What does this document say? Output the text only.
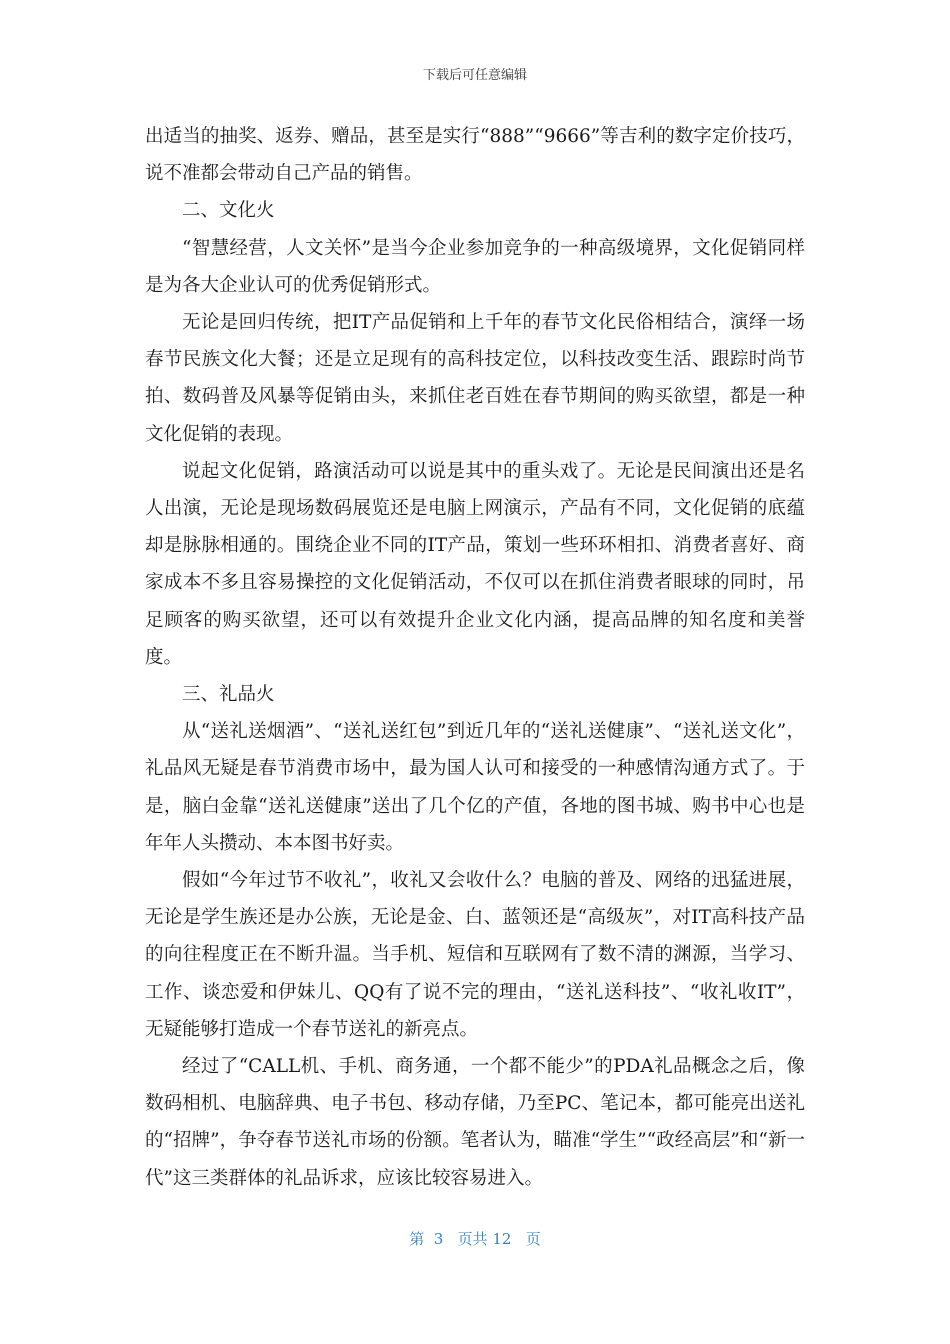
下载后可任意编辑

出适当的抽奖、返券、赠品，甚至是实行“888”“9666”等吉利的数字定价技巧，说不准都会带动自己产品的销售。

二、文化火

“智慧经营，人文关怀”是当今企业参加竞争的一种高级境界，文化促销同样是为各大企业认可的优秀促销形式。

无论是回归传统，把IT产品促销和上千年的春节文化民俗相结合，演绎一场春节民族文化大餐；还是立足现有的高科技定位，以科技改变生活、跟踪时尚节拍、数码普及风暴等促销由头，来抓住老百姓在春节期间的购买欲望，都是一种文化促销的表现。

说起文化促销，路演活动可以说是其中的重头戏了。无论是民间演出还是名人出演，无论是现场数码展览还是电脑上网演示，产品有不同，文化促销的底蕴却是脉脉相通的。围绕企业不同的IT产品，策划一些环环相扣、消费者喜好、商家成本不多且容易操控的文化促销活动，不仅可以在抓住消费者眼球的同时，吊足顾客的购买欲望，还可以有效提升企业文化内涵，提高品牌的知名度和美誉度。

三、礼品火

从“送礼送烟酒”、“送礼送红包”到近几年的“送礼送健康”、“送礼送文化”，礼品风无疑是春节消费市场中，最为国人认可和接受的一种感情沟通方式了。于是，脑白金靠“送礼送健康”送出了几个亿的产值，各地的图书城、购书中心也是年年人头攒动、本本图书好卖。

假如“今年过节不收礼”，收礼又会收什么？电脑的普及、网络的迅猛进展，无论是学生族还是办公族，无论是金、白、蓝领还是“高级灰”，对IT高科技产品的向往程度正在不断升温。当手机、短信和互联网有了数不清的渊源，当学习、工作、谈恋爱和伊妹儿、QQ有了说不完的理由，“送礼送科技”、“收礼收IT”，无疑能够打造成一个春节送礼的新亮点。

经过了“CALL机、手机、商务通，一个都不能少”的PDA礼品概念之后，像数码相机、电脑辞典、电子书包、移动存储，乃至PC、笔记本，都可能亮出送礼的“招牌”，争夺春节送礼市场的份额。笔者认为，瞄准“学生”“政经高层”和“新一代”这三类群体的礼品诉求，应该比较容易进入。

第  3   页共 12   页
